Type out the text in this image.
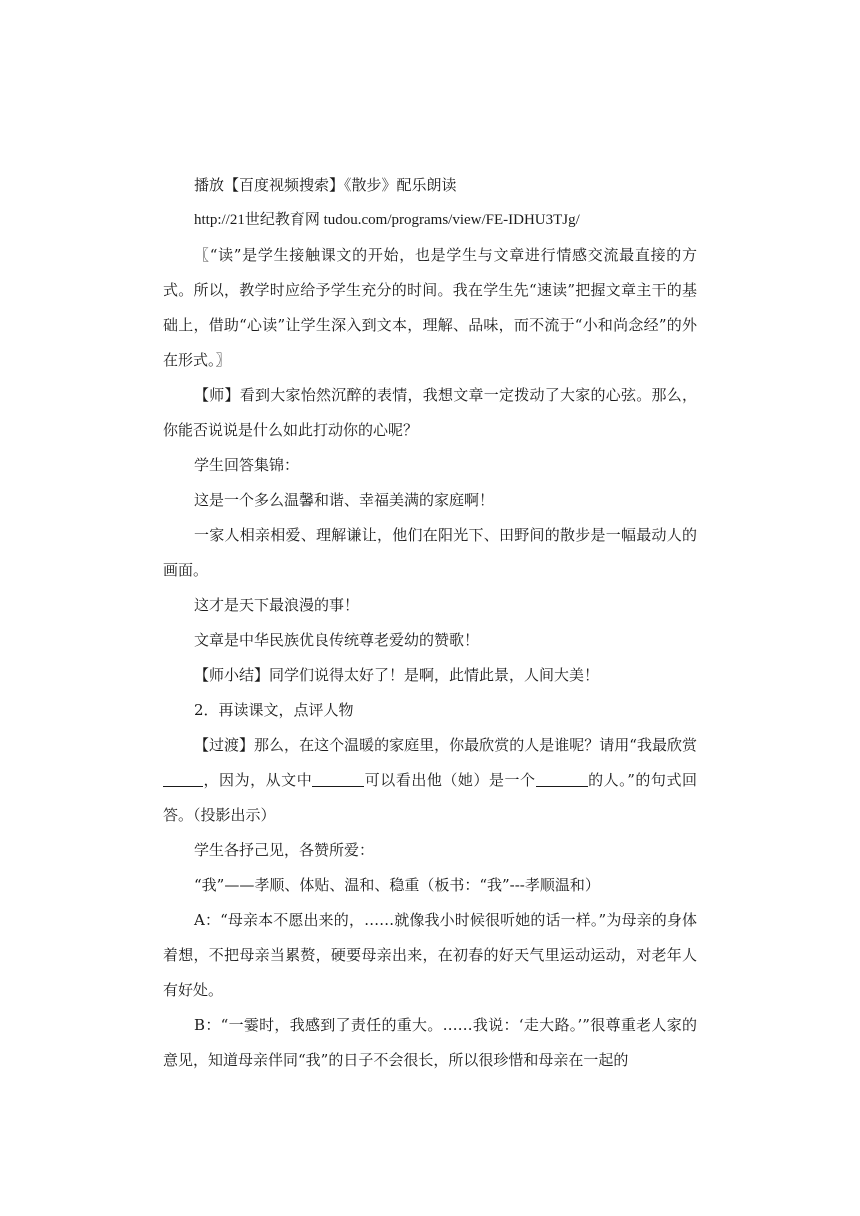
播放【百度视频搜索】《散步》配乐朗读

http://21世纪教育网 tudou.com/programs/view/FE-IDHU3TJg/

〖“读”是学生接触课文的开始，也是学生与文章进行情感交流最直接的方式。所以，教学时应给予学生充分的时间。我在学生先“速读”把握文章主干的基础上，借助“心读”让学生深入到文本，理解、品味，而不流于“小和尚念经”的外在形式。〗

【师】看到大家怡然沉醉的表情，我想文章一定拨动了大家的心弦。那么，你能否说说是什么如此打动你的心呢？

学生回答集锦：

这是一个多么温馨和谐、幸福美满的家庭啊！

一家人相亲相爱、理解谦让，他们在阳光下、田野间的散步是一幅最动人的画面。

这才是天下最浪漫的事！

文章是中华民族优良传统尊老爱幼的赞歌！

【师小结】同学们说得太好了！是啊，此情此景，人间大美！

2．再读课文，点评人物

【过渡】那么，在这个温暖的家庭里，你最欣赏的人是谁呢？请用“我最欣赏，因为，从文中	可以看出他（她）是一个	的人。”的句式回答。（投影出示）

学生各抒己见，各赞所爱：

“我”——孝顺、体贴、温和、稳重（板书：“我”---孝顺温和）

A：“母亲本不愿出来的，……就像我小时候很听她的话一样。”为母亲的身体着想，不把母亲当累赘，硬要母亲出来，在初春的好天气里运动运动，对老年人有好处。

B：“一霎时，我感到了责任的重大。……我说：‘走大路。’”很尊重老人家的意见，知道母亲伴同“我”的日子不会很长，所以很珍惜和母亲在一起的
